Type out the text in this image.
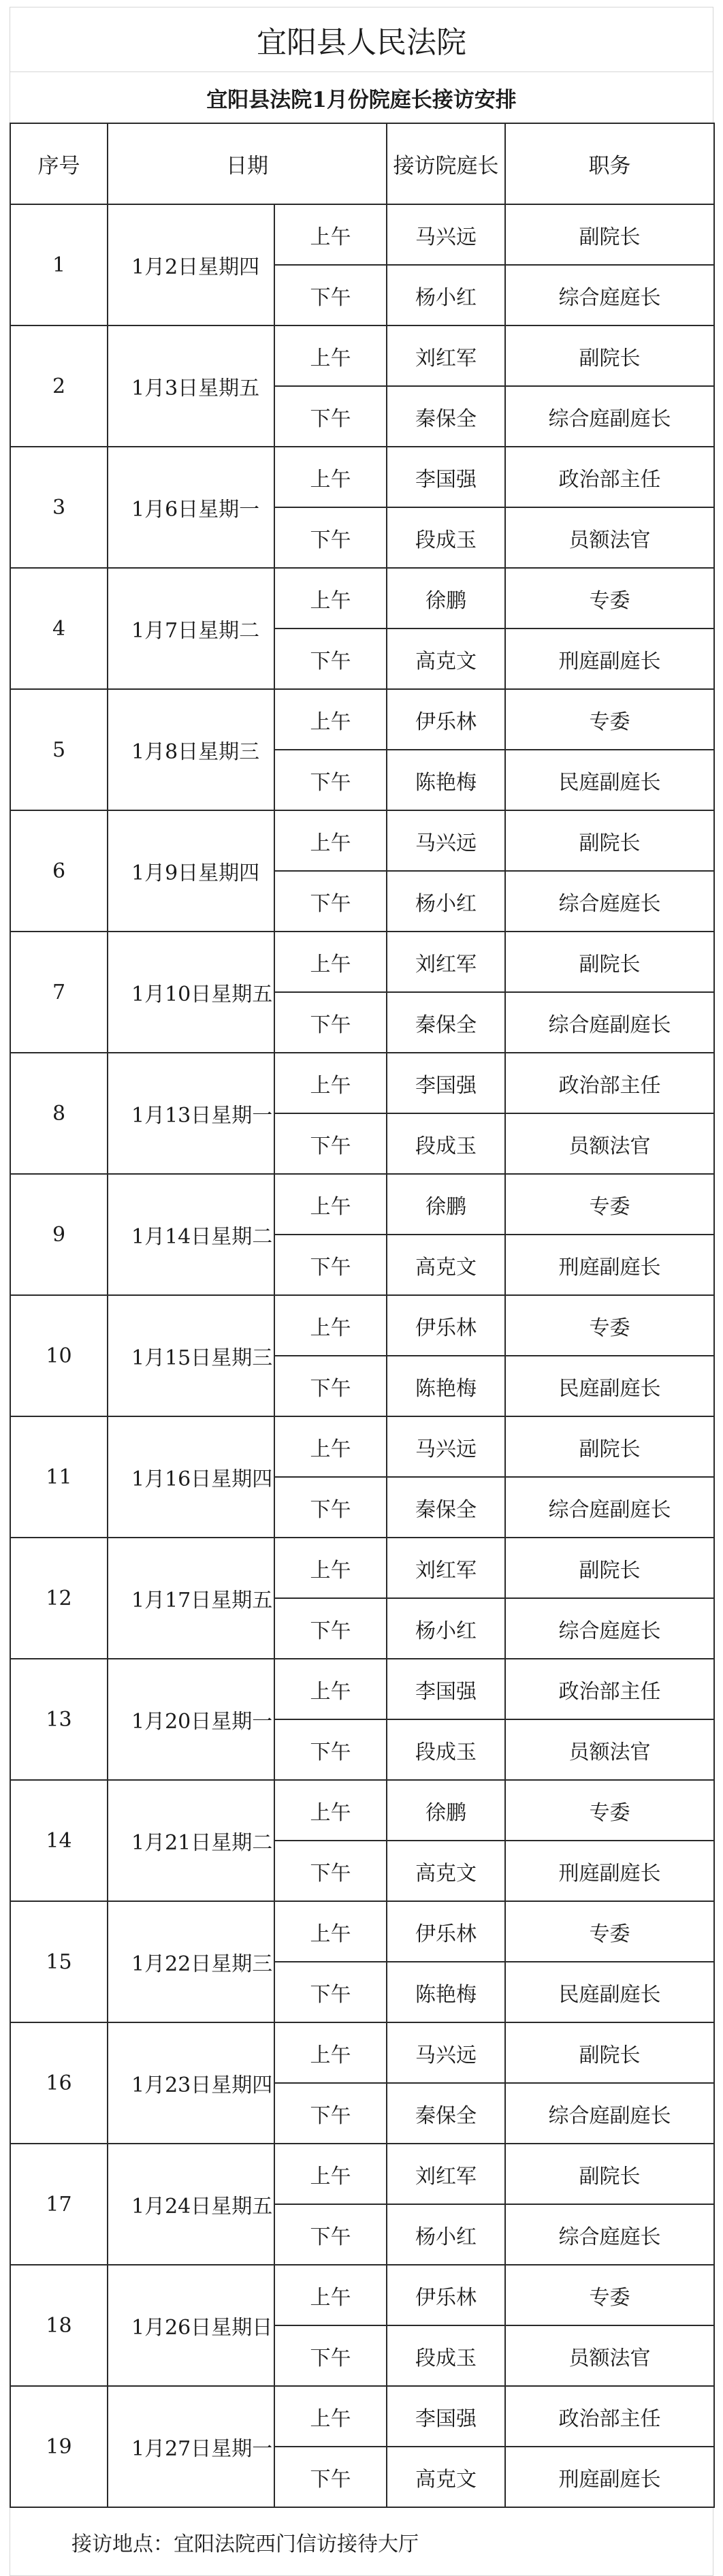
宜阳县人民法院
宜阳县法院1月份院庭长接访安排
序号	日期		接访院庭长	职务
1	1月2日星期四	上午	马兴远	副院长
		下午	杨小红	综合庭庭长
2	1月3日星期五	上午	刘红军	副院长
		下午	秦保全	综合庭副庭长
3	1月6日星期一	上午	李国强	政治部主任
		下午	段成玉	员额法官
4	1月7日星期二	上午	徐鹏	专委
		下午	高克文	刑庭副庭长
5	1月8日星期三	上午	伊乐林	专委
		下午	陈艳梅	民庭副庭长
6	1月9日星期四	上午	马兴远	副院长
		下午	杨小红	综合庭庭长
7	1月10日星期五	上午	刘红军	副院长
		下午	秦保全	综合庭副庭长
8	1月13日星期一	上午	李国强	政治部主任
		下午	段成玉	员额法官
9	1月14日星期二	上午	徐鹏	专委
		下午	高克文	刑庭副庭长
10	1月15日星期三	上午	伊乐林	专委
		下午	陈艳梅	民庭副庭长
11	1月16日星期四	上午	马兴远	副院长
		下午	秦保全	综合庭副庭长
12	1月17日星期五	上午	刘红军	副院长
		下午	杨小红	综合庭庭长
13	1月20日星期一	上午	李国强	政治部主任
		下午	段成玉	员额法官
14	1月21日星期二	上午	徐鹏	专委
		下午	高克文	刑庭副庭长
15	1月22日星期三	上午	伊乐林	专委
		下午	陈艳梅	民庭副庭长
16	1月23日星期四	上午	马兴远	副院长
		下午	秦保全	综合庭副庭长
17	1月24日星期五	上午	刘红军	副院长
		下午	杨小红	综合庭庭长
18	1月26日星期日	上午	伊乐林	专委
		下午	段成玉	员额法官
19	1月27日星期一	上午	李国强	政治部主任
		下午	高克文	刑庭副庭长
接访地点：宜阳法院西门信访接待大厅
